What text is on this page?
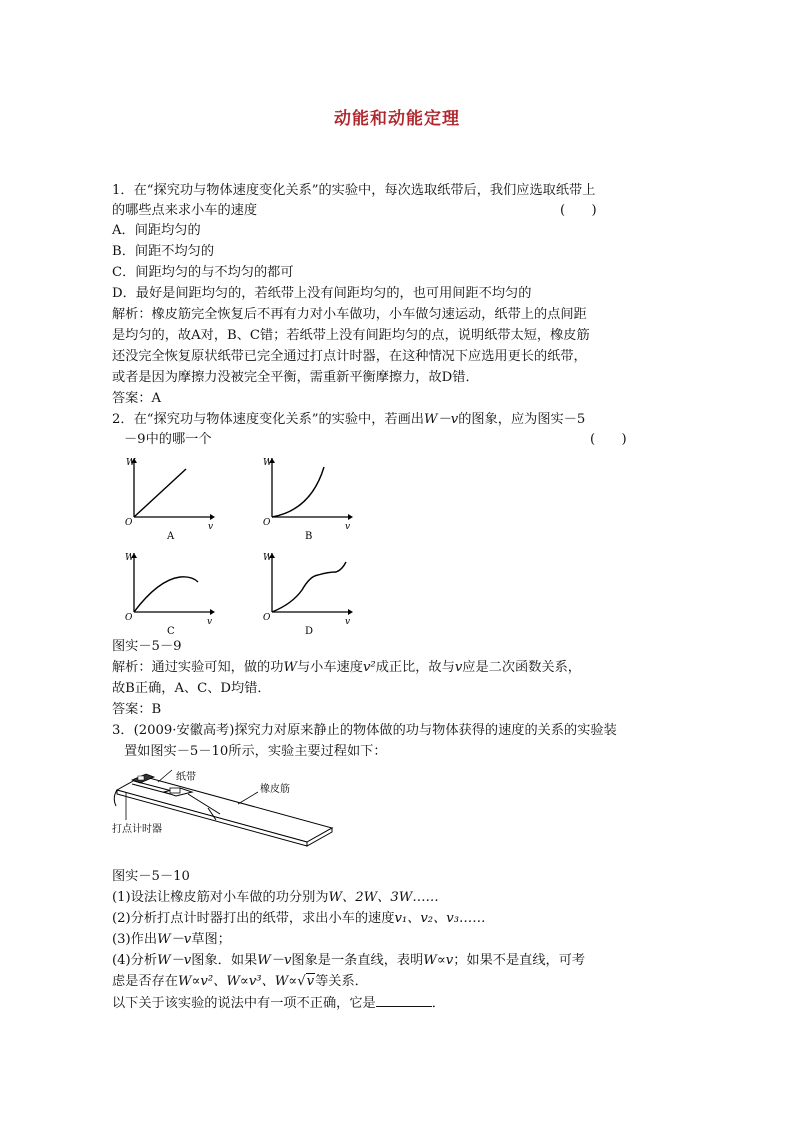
动能和动能定理
1．在“探究功与物体速度变化关系”的实验中，每次选取纸带后，我们应选取纸带上
的哪些点来求小车的速度	(　　)
A．间距均匀的
B．间距不均匀的
C．间距均匀的与不均匀的都可
D．最好是间距均匀的，若纸带上没有间距均匀的，也可用间距不均匀的
解析：橡皮筋完全恢复后不再有力对小车做功，小车做匀速运动，纸带上的点间距
是均匀的，故A对，B、C错；若纸带上没有间距均匀的点，说明纸带太短，橡皮筋
还没完全恢复原状纸带已完全通过打点计时器，在这种情况下应选用更长的纸带，
或者是因为摩擦力没被完全平衡，需重新平衡摩擦力，故D错．
答案：A
2．在“探究功与物体速度变化关系”的实验中，若画出W－v的图象，应为图实－5
－9中的哪一个	(　　)
W
v
O
A
W
v
O
B
W
v
O
C
W
v
O
D
图实－5－9
解析：通过实验可知，做的功W与小车速度v²成正比，故与v应是二次函数关系，
故B正确，A、C、D均错．
答案：B
3．(2009·安徽高考)探究力对原来静止的物体做的功与物体获得的速度的关系的实验装
置如图实－5－10所示，实验主要过程如下：
纸带
橡皮筋
打点计时器
图实－5－10
(1)设法让橡皮筋对小车做的功分别为W、2W、3W……
(2)分析打点计时器打出的纸带，求出小车的速度v₁、v₂、v₃……
(3)作出W－v草图；
(4)分析W－v图象．如果W－v图象是一条直线，表明W∝v；如果不是直线，可考
虑是否存在W∝v²、W∝v³、W∝√v等关系．
以下关于该实验的说法中有一项不正确，它是	．
